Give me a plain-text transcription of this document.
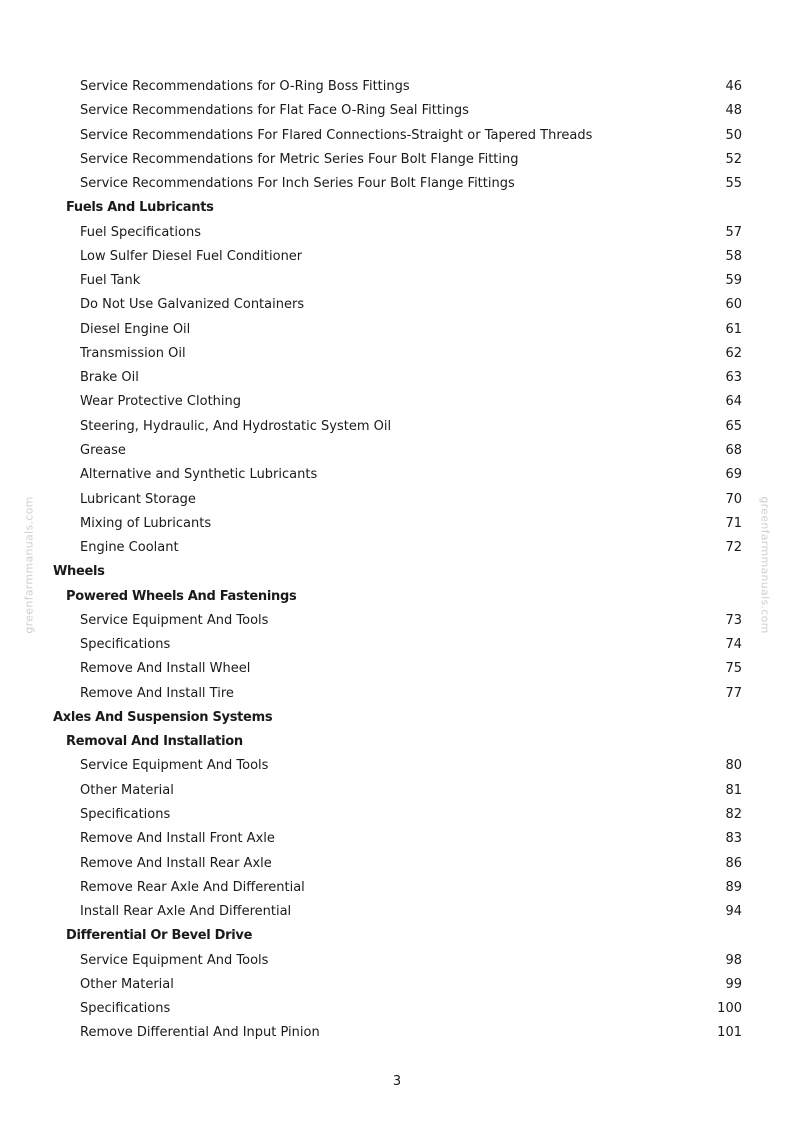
greenfarmmanuals.com	greenfarmmanuals.com
Service Recommendations for O-Ring Boss Fittings	46
Service Recommendations for Flat Face O-Ring Seal Fittings	48
Service Recommendations For Flared Connections-Straight or Tapered Threads	50
Service Recommendations for Metric Series Four Bolt Flange Fitting	52
Service Recommendations For Inch Series Four Bolt Flange Fittings	55
Fuels And Lubricants
Fuel Specifications	57
Low Sulfer Diesel Fuel Conditioner	58
Fuel Tank	59
Do Not Use Galvanized Containers	60
Diesel Engine Oil	61
Transmission Oil	62
Brake Oil	63
Wear Protective Clothing	64
Steering, Hydraulic, And Hydrostatic System Oil	65
Grease	68
Alternative and Synthetic Lubricants	69
Lubricant Storage	70
Mixing of Lubricants	71
Engine Coolant	72
Wheels
Powered Wheels And Fastenings
Service Equipment And Tools	73
Specifications	74
Remove And Install Wheel	75
Remove And Install Tire	77
Axles And Suspension Systems
Removal And Installation
Service Equipment And Tools	80
Other Material	81
Specifications	82
Remove And Install Front Axle	83
Remove And Install Rear Axle	86
Remove Rear Axle And Differential	89
Install Rear Axle And Differential	94
Differential Or Bevel Drive
Service Equipment And Tools	98
Other Material	99
Specifications	100
Remove Differential And Input Pinion	101
3
